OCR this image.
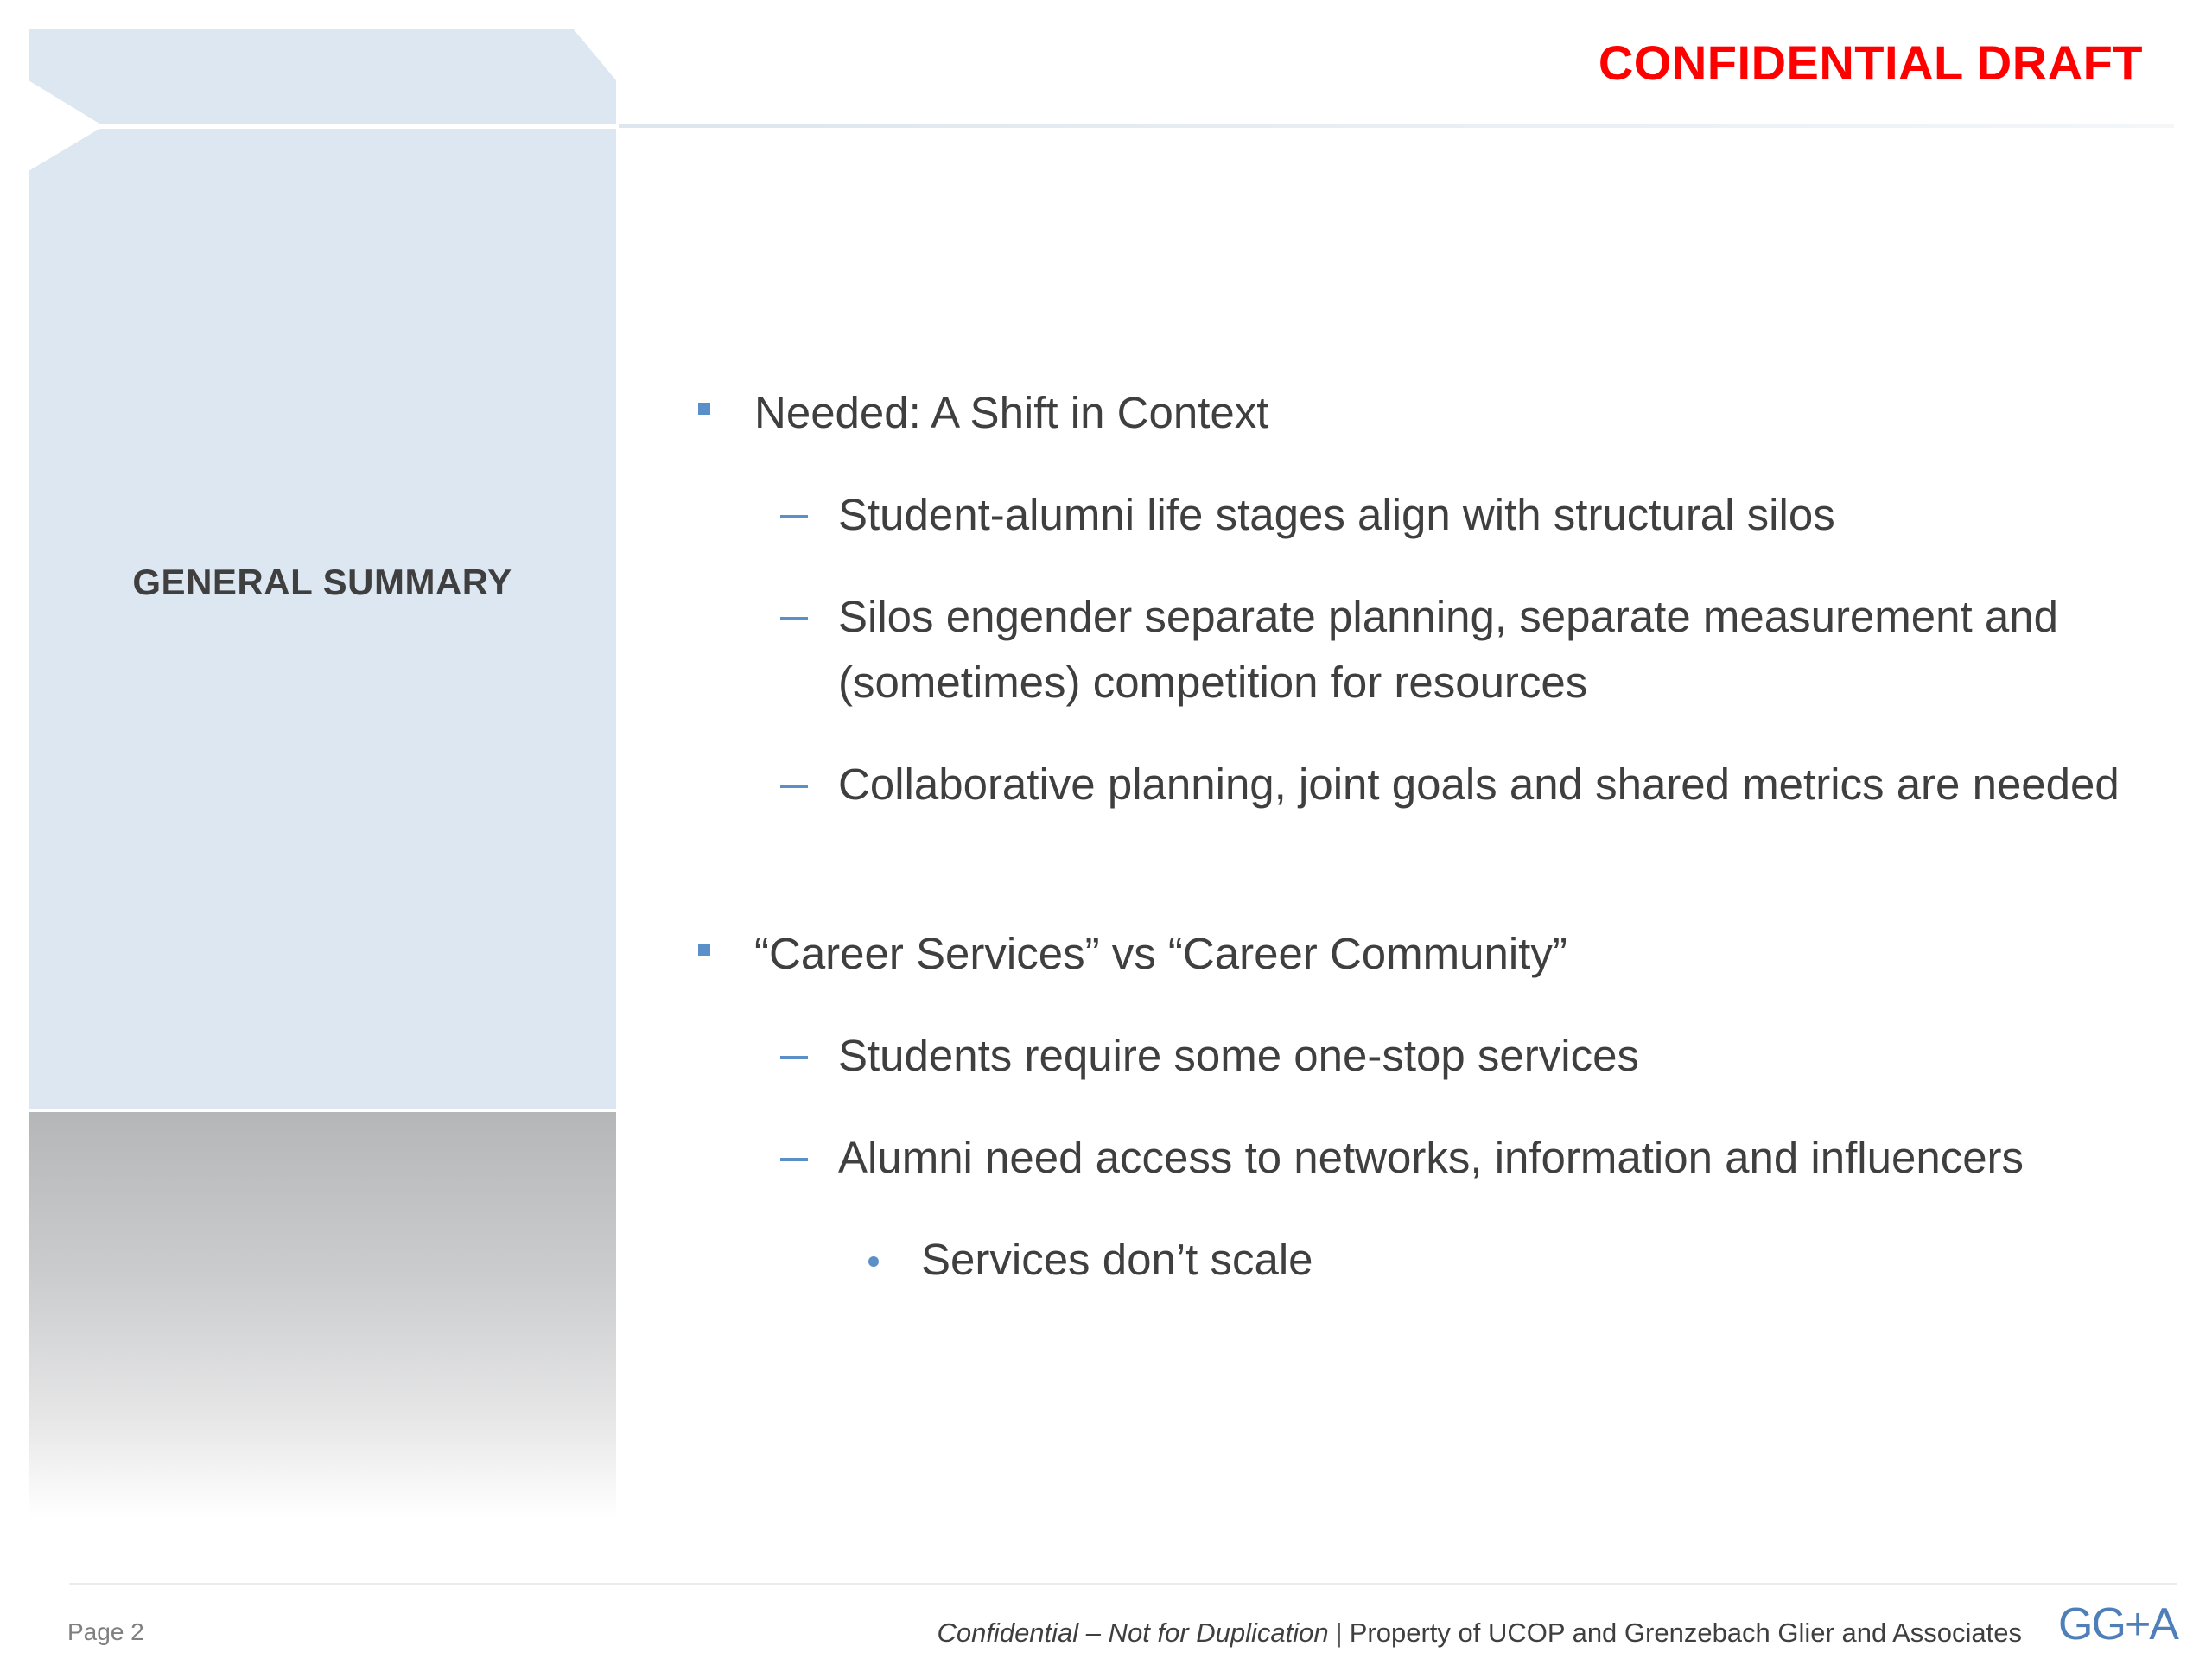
GENERAL SUMMARY
CONFIDENTIAL DRAFT
Needed: A Shift in Context
Student-alumni life stages align with structural silos
Silos engender separate planning, separate measurement and (sometimes) competition for resources
Collaborative planning, joint goals and shared metrics are needed
“Career Services” vs “Career Community”
Students require some one-stop services
Alumni need access to networks, information and influencers
Services don’t scale
Page 2	Confidential – Not for Duplication | Property of UCOP and Grenzebach Glier and Associates GG+A
